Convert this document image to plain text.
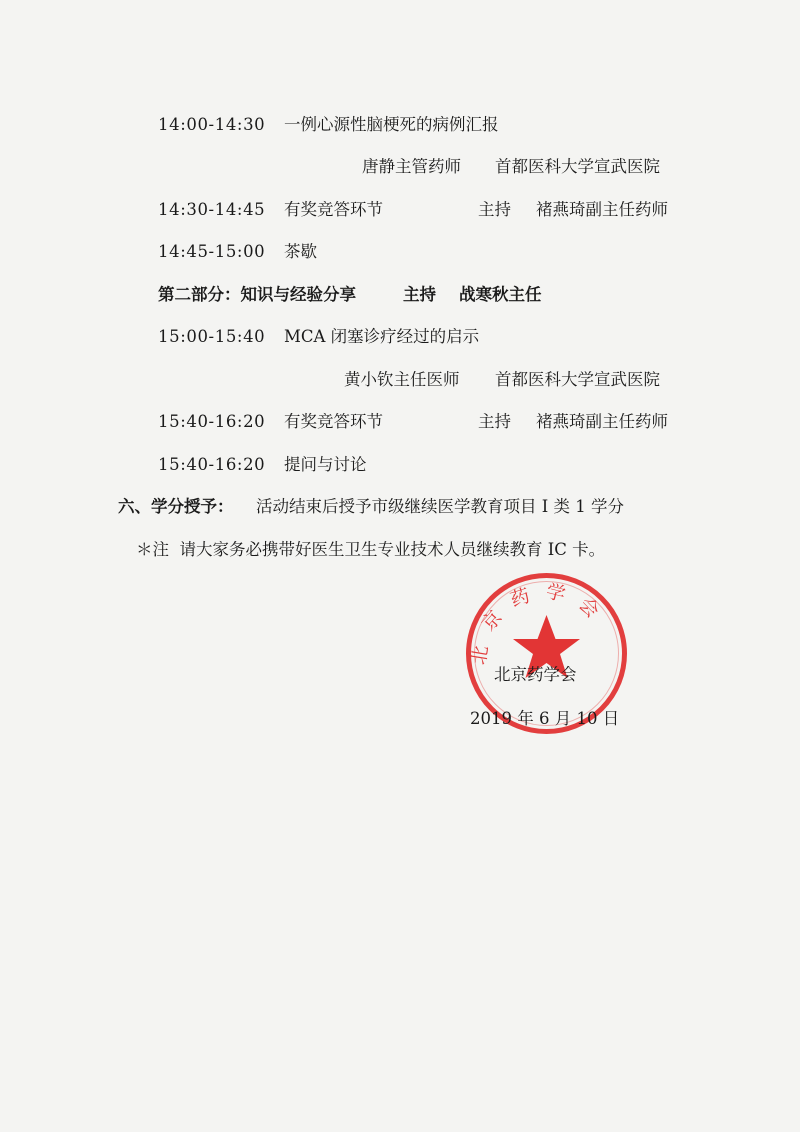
14:00-14:30 一例心源性脑梗死的病例汇报
唐静主管药师 首都医科大学宣武医院
14:30-14:45 有奖竞答环节	主持 褚燕琦副主任药师
14:45-15:00 茶歇
第二部分：知识与经验分享	主持 战寒秋主任
15:00-15:40 MCA 闭塞诊疗经过的启示
黄小钦主任医师 首都医科大学宣武医院
15:40-16:20 有奖竞答环节	主持 褚燕琦副主任药师
15:40-16:20 提问与讨论
六、学分授予： 活动结束后授予市级继续医学教育项目 I 类 1 学分
＊注  请大家务必携带好医生卫生专业技术人员继续教育 IC 卡。
北京药学会
北京药学会
2019 年 6 月 10 日
